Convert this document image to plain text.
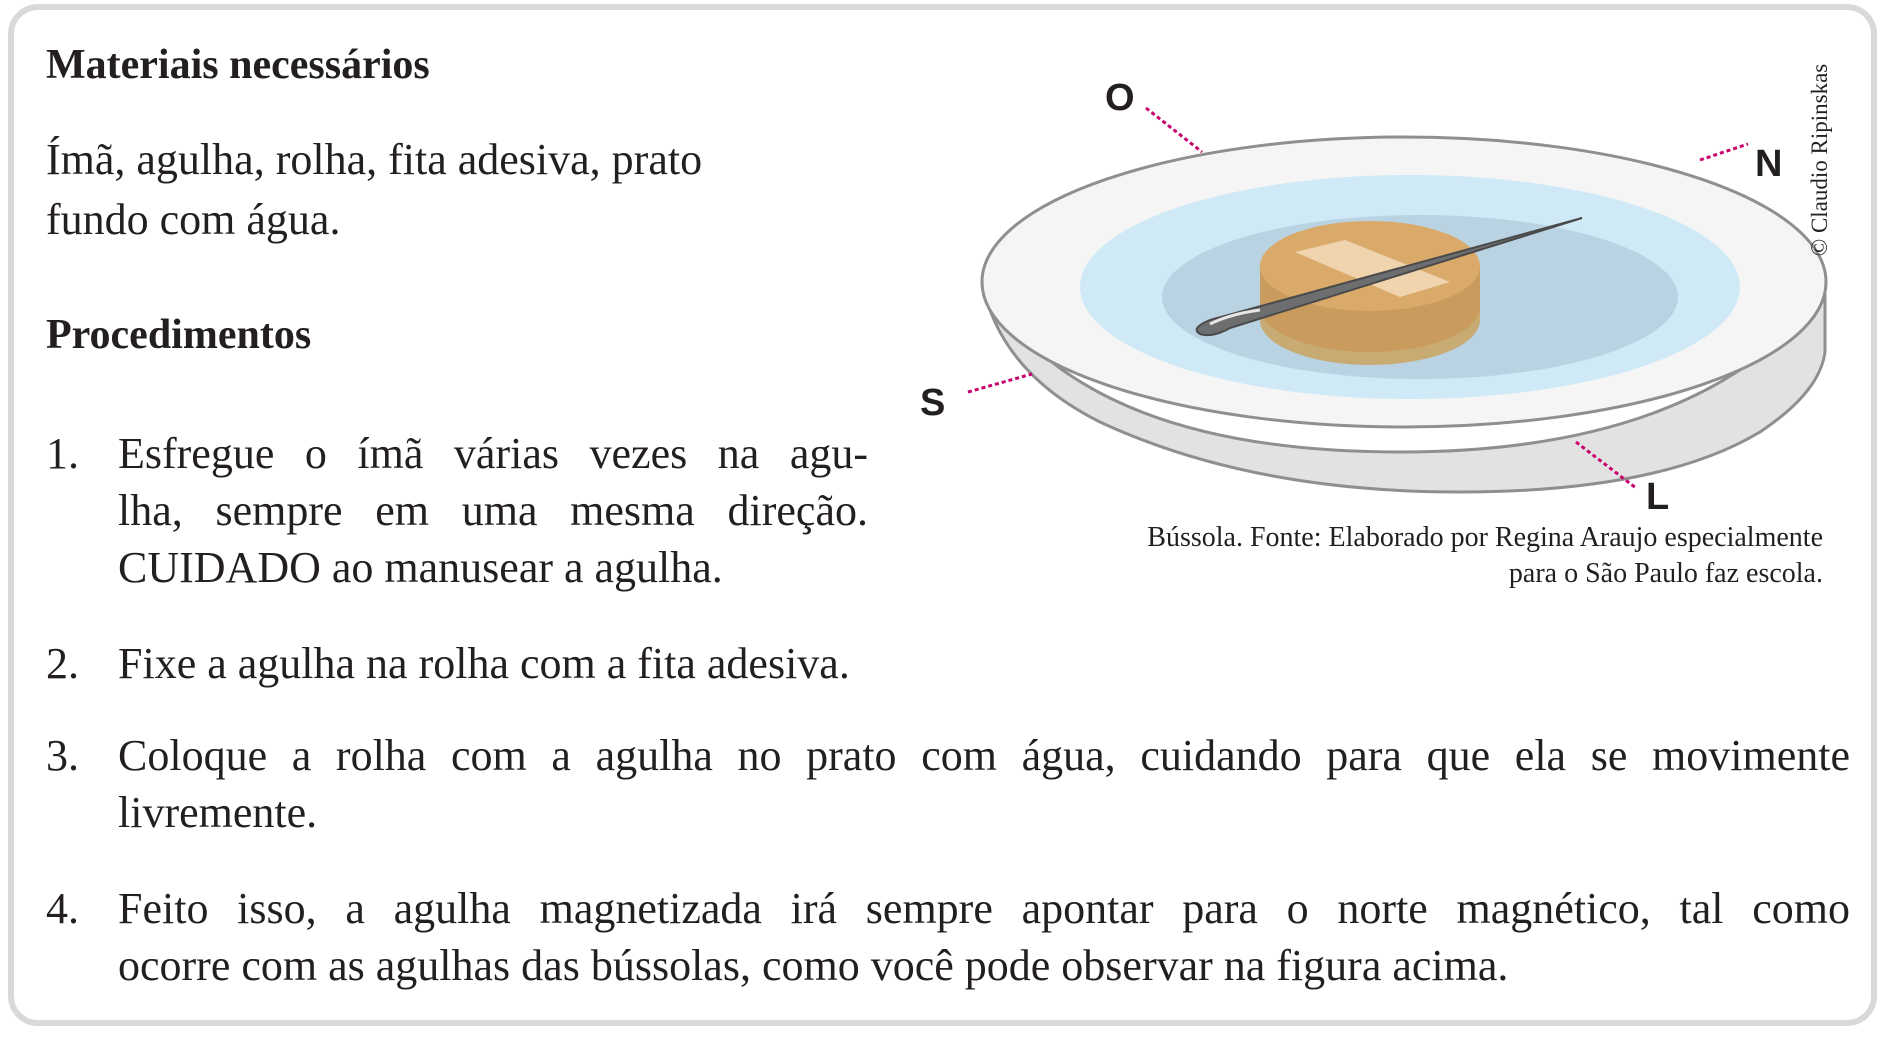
Materiais necessários
Ímã, agulha, rolha, fita adesiva, prato
fundo com água.
Procedimentos
1. Esfregue o ímã várias vezes na agu-
lha, sempre em uma mesma direção.
CUIDADO ao manusear a agulha.
2. Fixe a agulha na rolha com a fita adesiva.
3. Coloque a rolha com a agulha no prato com água, cuidando para que ela se movimente
livremente.
4. Feito isso, a agulha magnetizada irá sempre apontar para o norte magnético, tal como
ocorre com as agulhas das bússolas, como você pode observar na figura acima.
O
N
S
L
Bússola. Fonte: Elaborado por Regina Araujo especialmente
para o São Paulo faz escola.
© Claudio Ripinskas
